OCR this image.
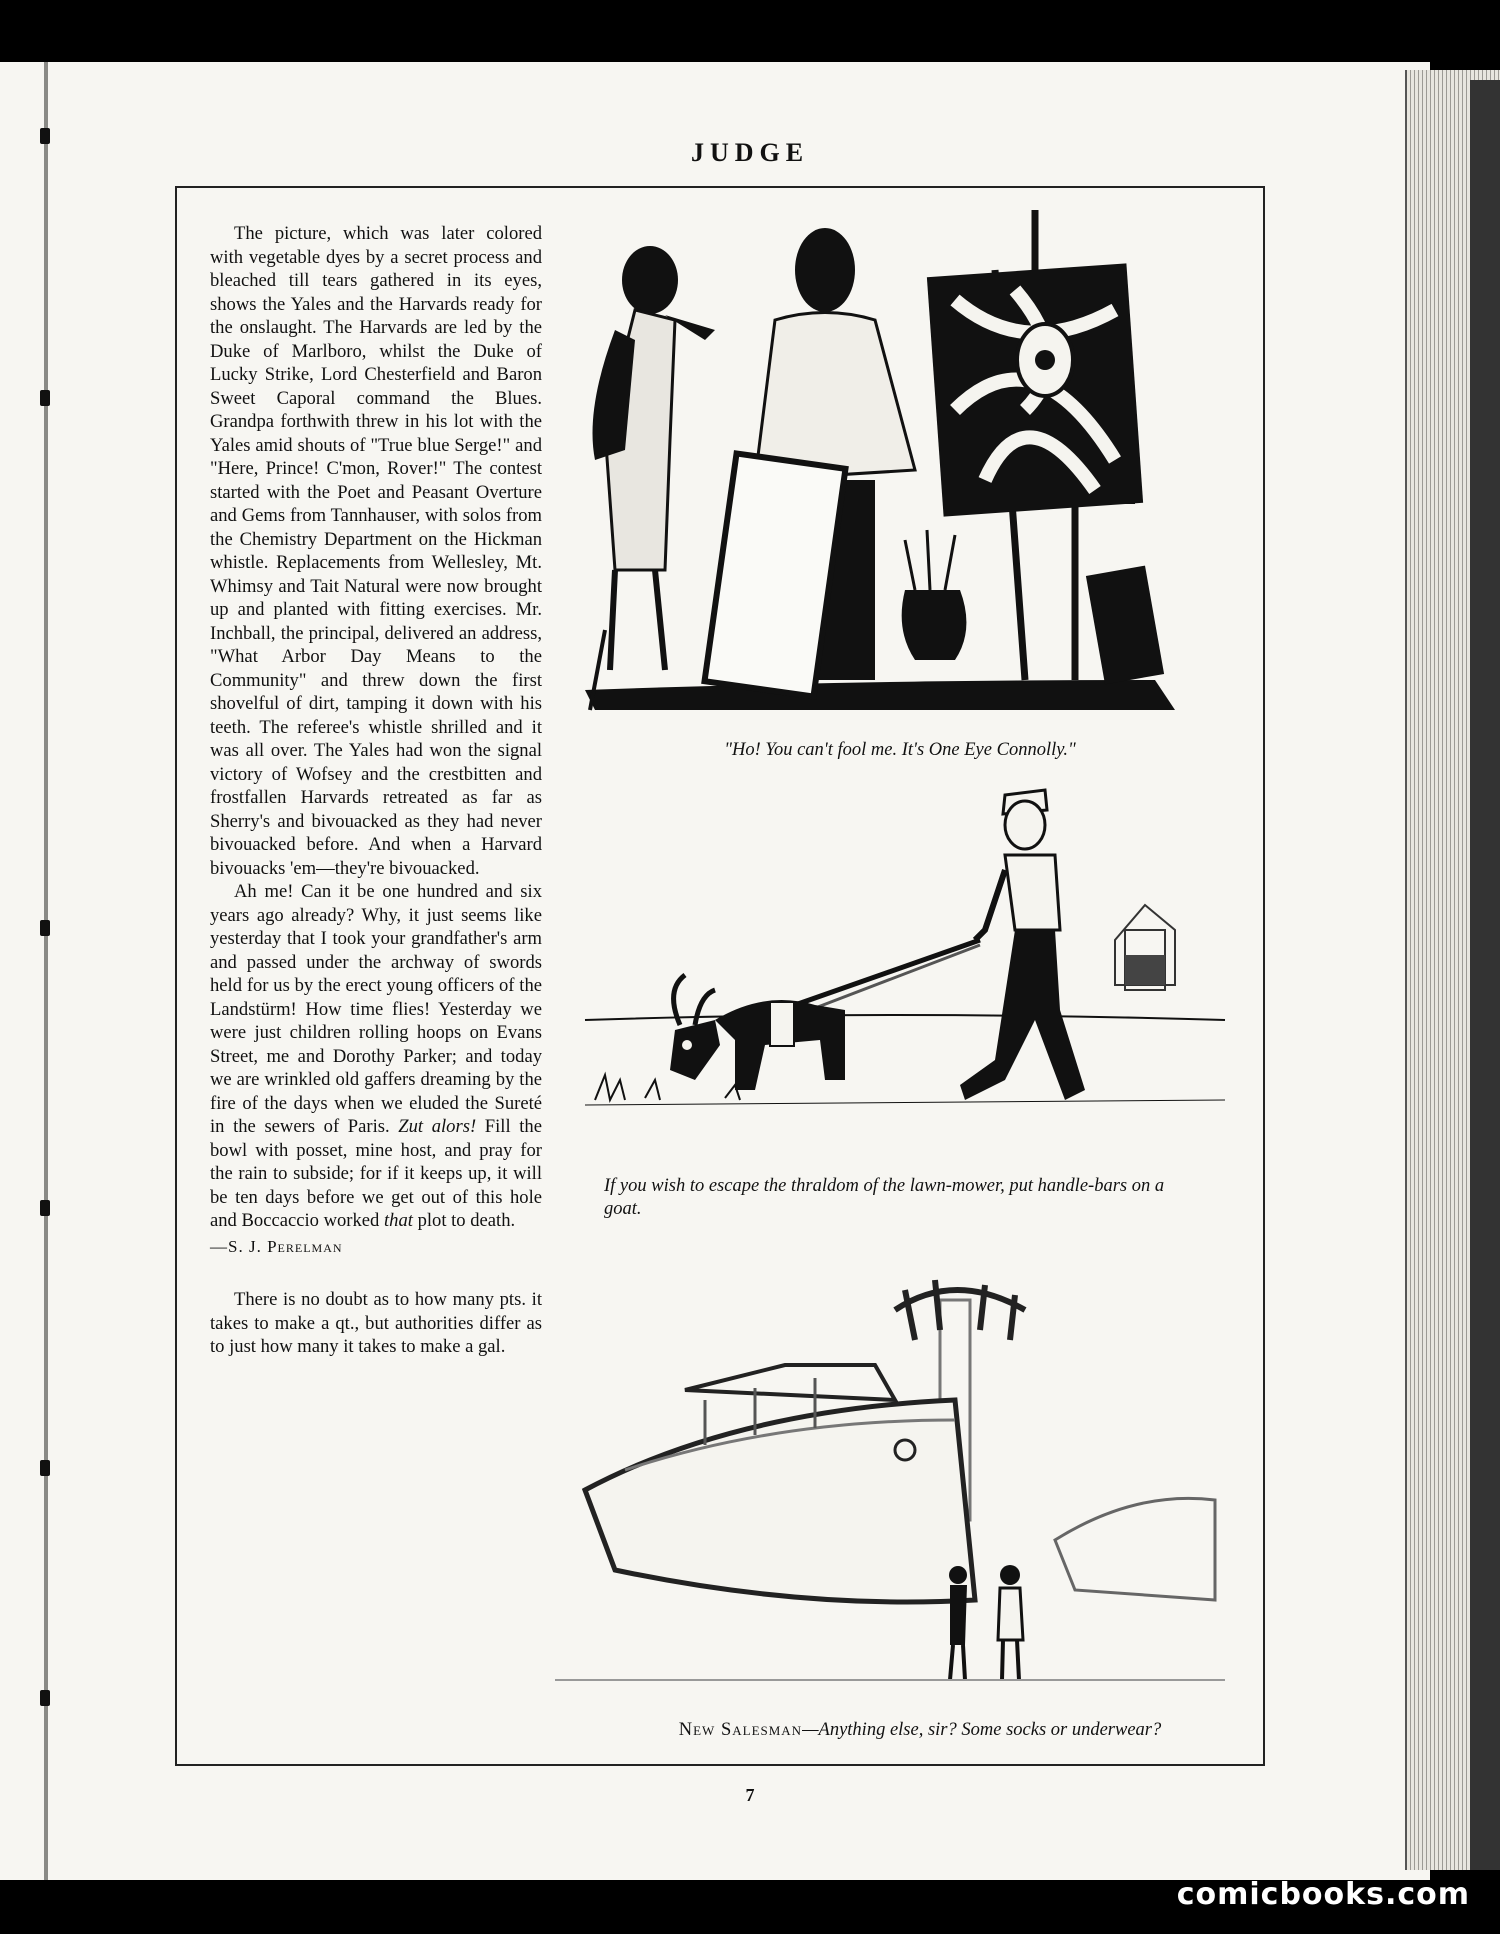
JUDGE

The picture, which was later colored with vegetable dyes by a secret process and bleached till tears gathered in its eyes, shows the Yales and the Harvards ready for the onslaught. The Harvards are led by the Duke of Marlboro, whilst the Duke of Lucky Strike, Lord Chesterfield and Baron Sweet Caporal command the Blues. Grandpa forthwith threw in his lot with the Yales amid shouts of "True blue Serge!" and "Here, Prince! C'mon, Rover!" The contest started with the Poet and Peasant Overture and Gems from Tannhauser, with solos from the Chemistry Department on the Hickman whistle. Replacements from Wellesley, Mt. Whimsy and Tait Natural were now brought up and planted with fitting exercises. Mr. Inchball, the principal, delivered an address, "What Arbor Day Means to the Community" and threw down the first shovelful of dirt, tamping it down with his teeth. The referee's whistle shrilled and it was all over. The Yales had won the signal victory of Wofsey and the crestbitten and frostfallen Harvards retreated as far as Sherry's and bivouacked as they had never bivouacked before. And when a Harvard bivouacks 'em—they're bivouacked.

Ah me! Can it be one hundred and six years ago already? Why, it just seems like yesterday that I took your grandfather's arm and passed under the archway of swords held for us by the erect young officers of the Landstürm! How time flies! Yesterday we were just children rolling hoops on Evans Street, me and Dorothy Parker; and today we are wrinkled old gaffers dreaming by the fire of the days when we eluded the Sureté in the sewers of Paris. Zut alors! Fill the bowl with posset, mine host, and pray for the rain to subside; for if it keeps up, it will be ten days before we get out of this hole and Boccaccio worked that plot to death.

—S. J. Perelman

There is no doubt as to how many pts. it takes to make a qt., but authorities differ as to just how many it takes to make a gal.

"Ho! You can't fool me. It's One Eye Connolly."
If you wish to escape the thraldom of the lawn-mower, put handle-bars on a goat.
New Salesman—Anything else, sir? Some socks or underwear?
7
comicbooks.com
